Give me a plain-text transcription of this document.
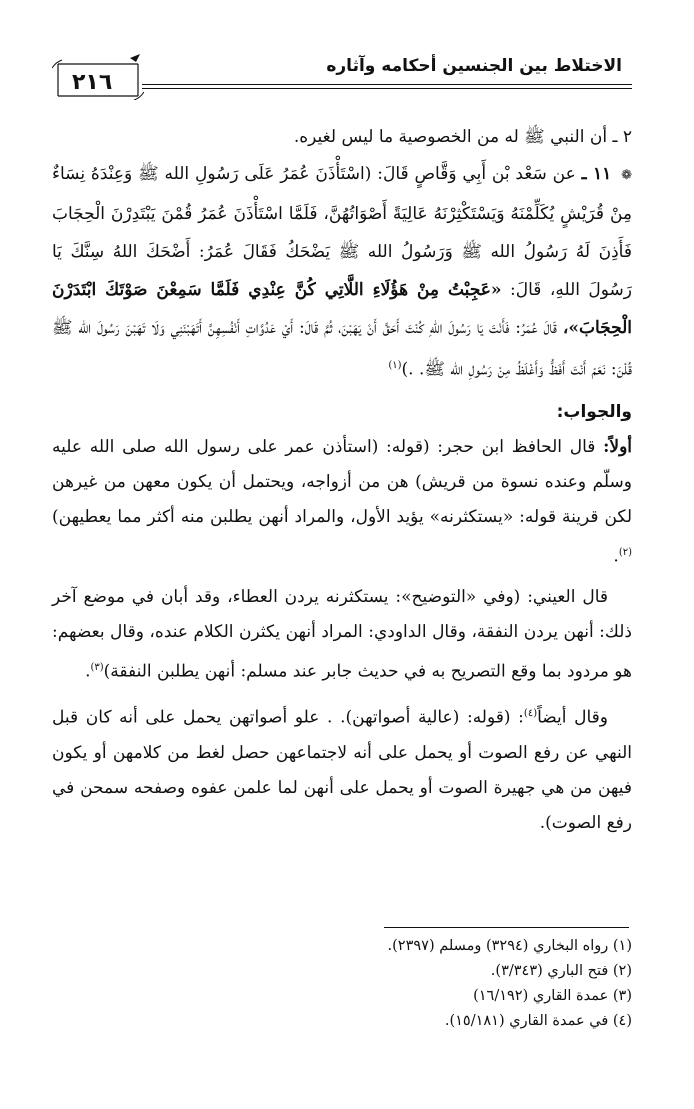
٢١٦
الاختلاط بين الجنسين أحكامه وآثاره

٢ ـ أن النبي ﷺ له من الخصوصية ما ليس لغيره.

❁ ١١ ـ عن سَعْد بْن أَبِي وَقَّاصٍ قَالَ: (اسْتَأْذَنَ عُمَرُ عَلَى رَسُولِ الله ﷺ وَعِنْدَهُ نِسَاءٌ مِنْ قُرَيْشٍ يُكَلِّمْنَهُ وَيَسْتَكْثِرْنَهُ عَالِيَةً أَصْوَاتُهُنَّ، فَلَمَّا اسْتَأْذَنَ عُمَرُ قُمْنَ يَبْتَدِرْنَ الْحِجَابَ فَأَذِنَ لَهُ رَسُولُ الله ﷺ وَرَسُولُ الله ﷺ يَضْحَكُ فَقَالَ عُمَرُ: أَضْحَكَ اللهُ سِنَّكَ يَا رَسُولَ اللهِ، قَالَ: «عَجِبْتُ مِنْ هَؤُلَاءِ اللَّاتِي كُنَّ عِنْدِي فَلَمَّا سَمِعْنَ صَوْتَكَ ابْتَدَرْنَ الْحِجَابَ»، قَالَ عُمَرُ: فَأَنْتَ يَا رَسُولَ اللهِ كُنْتَ أَحَقَّ أَنْ يَهَبْنَ، ثُمَّ قَالَ: أَيْ عَدُوَّاتِ أَنْفُسِهِنَّ أَتَهَبْنَنِي وَلَا تَهَبْنَ رَسُولَ الله ﷺ قُلْنَ: نَعَمْ أَنْتَ أَفَظُّ وَأَغْلَظُ مِنْ رَسُولِ الله ﷺ. .)$^{(١)}$

والجواب:

أولاً: قال الحافظ ابن حجر: (قوله: (استأذن عمر على رسول الله صلى الله عليه وسلّم وعنده نسوة من قريش) هن من أزواجه، ويحتمل أن يكون معهن من غيرهن لكن قرينة قوله: «يستكثرنه» يؤيد الأول، والمراد أنهن يطلبن منه أكثر مما يعطيهن)$^{(٢)}$.

قال العيني: (وفي «التوضيح»: يستكثرنه يردن العطاء، وقد أبان في موضع آخر ذلك: أنهن يردن النفقة، وقال الداودي: المراد أنهن يكثرن الكلام عنده، وقال بعضهم: هو مردود بما وقع التصريح به في حديث جابر عند مسلم: أنهن يطلبن النفقة)$^{(٣)}$.

وقال أيضاً$^{(٤)}$: (قوله: (عالية أصواتهن). . علو أصواتهن يحمل على أنه كان قبل النهي عن رفع الصوت أو يحمل على أنه لاجتماعهن حصل لغط من كلامهن أو يكون فيهن من هي جهيرة الصوت أو يحمل على أنهن لما علمن عفوه وصفحه سمحن في رفع الصوت).

(١) رواه البخاري (٣٢٩٤) ومسلم (٢٣٩٧).
(٢) فتح الباري (٣/٣٤٣).
(٣) عمدة القاري (١٦/١٩٢)
(٤) في عمدة القاري (١٥/١٨١).
